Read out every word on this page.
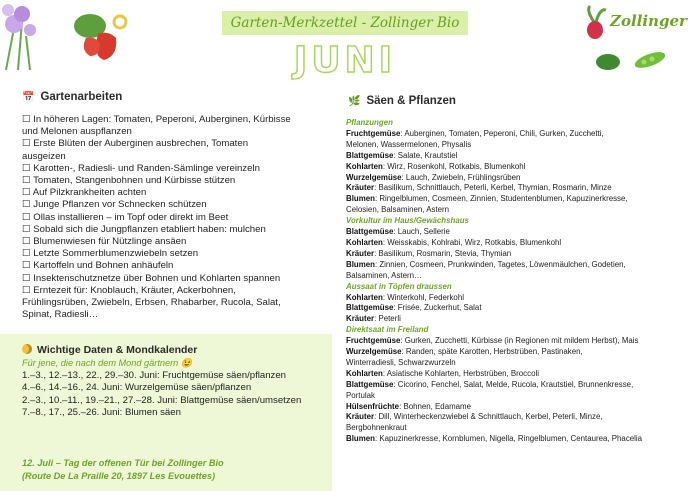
Zollinger
Garten-Merkzettel - Zollinger Bio
JUNI
📅 Gartenarbeiten
☐ In höheren Lagen: Tomaten, Peperoni, Auberginen, Kürbisse
und Melonen auspflanzen
☐ Erste Blüten der Auberginen ausbrechen, Tomaten
ausgeizen
☐ Karotten-, Radiesli- und Randen-Sämlinge vereinzeln
☐ Tomaten, Stangenbohnen und Kürbisse stützen
☐ Auf Pilzkrankheiten achten
☐ Junge Pflanzen vor Schnecken schützen
☐ Ollas installieren – im Topf oder direkt im Beet
☐ Sobald sich die Jungpflanzen etabliert haben: mulchen
☐ Blumenwiesen für Nützlinge ansäen
☐ Letzte Sommerblumenzwiebeln setzen
☐ Kartoffeln und Bohnen anhäufeln
☐ Insektenschutznetze über Bohnen und Kohlarten spannen
☐ Erntezeit für: Knoblauch, Kräuter, Ackerbohnen,
Frühlingsrüben, Zwiebeln, Erbsen, Rhabarber, Rucola, Salat,
Spinat, Radiesli…
Wichtige Daten & Mondkalender
Für jene, die nach dem Mond gärtnern 😉
1.–3., 12.–13., 22., 29.–30. Juni: Fruchtgemüse säen/pflanzen
4.–6., 14.–16., 24. Juni: Wurzelgemüse säen/pflanzen
2.–3., 10.–11., 19.–21., 27.–28. Juni: Blattgemüse säen/umsetzen
7.–8., 17., 25.–26. Juni: Blumen säen
12. Juli – Tag der offenen Tür bei Zollinger Bio
(Route De La Praille 20, 1897 Les Evouettes)
🌿 Säen & Pflanzen
Pflanzungen
Fruchtgemüse: Auberginen, Tomaten, Peperoni, Chili, Gurken, Zucchetti,
Melonen, Wassermelonen, Physalis
Blattgemüse: Salate, Krautstiel
Kohlarten: Wirz, Rosenkohl, Rotkabis, Blumenkohl
Wurzelgemüse: Lauch, Zwiebeln, Frühlingsrüben
Kräuter: Basilikum, Schnittlauch, Peterli, Kerbel, Thymian, Rosmarin, Minze
Blumen: Ringelblumen, Cosmeen, Zinnien, Studentenblumen, Kapuzinerkresse,
Celosien, Balsaminen, Astern
Vorkultur im Haus/Gewächshaus
Blattgemüse: Lauch, Sellerie
Kohlarten: Weisskabis, Kohlrabi, Wirz, Rotkabis, Blumenkohl
Kräuter: Basilikum, Rosmarin, Stevia, Thymian
Blumen: Zinnien, Cosmeen, Prunkwinden, Tagetes, Löwenmäulchen, Godetien,
Balsaminen, Astern…
Aussaat in Töpfen draussen
Kohlarten: Winterkohl, Federkohl
Blattgemüse: Frisée, Zuckerhut, Salat
Kräuter: Peterli
Direktsaat im Freiland
Fruchtgemüse: Gurken, Zucchetti, Kürbisse (in Regionen mit mildem Herbst), Mais
Wurzelgemüse: Randen, späte Karotten, Herbstrüben, Pastinaken,
Winterradiesli, Schwarzwurzeln
Kohlarten: Asiatische Kohlarten, Herbstrüben, Broccoli
Blattgemüse: Cicorino, Fenchel, Salat, Melde, Rucola, Krautstiel, Brunnenkresse,
Portulak
Hülsenfrüchte: Bohnen, Edamame
Kräuter: Dill, Winterheckenzwiebel & Schnittlauch, Kerbel, Peterli, Minze,
Bergbohnenkraut
Blumen: Kapuzinerkresse, Kornblumen, Nigella, Ringelblumen, Centaurea, Phacelia
